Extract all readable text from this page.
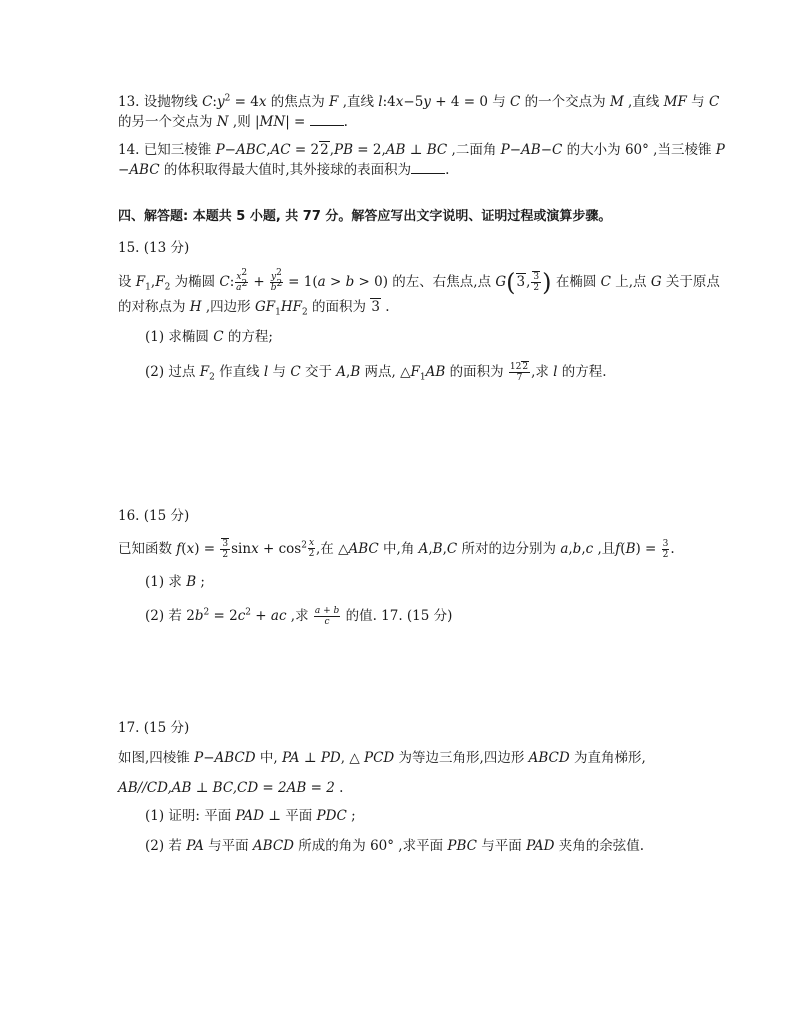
13. 设抛物线 $C:y^2 = 4x$ 的焦点为 F ,直线 l:4x−5y + 4 = 0 与 C 的一个交点为 M ,直线 MF 与 C
的另一个交点为 N ,则 |MN| =	.
14. 已知三棱锥 P−ABC,AC = 22,PB = 2,AB ⊥ BC ,二面角 P−AB−C 的大小为 60° ,当三棱锥 P
−ABC 的体积取得最大值时,其外接球的表面积为	.
四、解答题: 本题共 5 小题, 共 77 分。解答应写出文字说明、证明过程或演算步骤。
15. (13 分)
设 $F_1,F_2$ 为椭圆 C: $\frac{x^2}{a^2} + \frac{y^2}{b^2} = 1(a > b > 0)$ 的左、右焦点,点 G(3, $\frac{3}{2}$ ) 在椭圆 C 上,点 G 关于原点
的对称点为 H ,四边形 $GF_1HF_2$ 的面积为 3 .
(1) 求椭圆 C 的方程;
(2) 过点 $F_2$ 作直线 l 与 C 交于 A,B 两点, $\triangle F_1AB$ 的面积为 $\frac{122}{7}$ ,求 l 的方程.
16. (15 分)
已知函数 $f(x) = \frac{3}{2}$ $\sin x + \cos^2 \frac{x}{2}$ ,在 △ABC 中,角 A,B,C 所对的边分别为 a,b,c ,且$f(B) = \frac{3}{2}$ .
(1) 求 B ;
(2) 若 $2b^2 = 2c^2$ + ac ,求 $\frac{a + b}{c}$ 的值. 17. (15 分)
17. (15 分)
如图,四棱锥 P−ABCD 中, PA ⊥ PD, △ PCD 为等边三角形,四边形 ABCD 为直角梯形,
AB//CD,AB ⊥ BC,CD = 2AB = 2 .
(1) 证明: 平面 PAD ⊥ 平面 PDC ;
(2) 若 PA 与平面 ABCD 所成的角为 60° ,求平面 PBC 与平面 PAD 夹角的余弦值.
